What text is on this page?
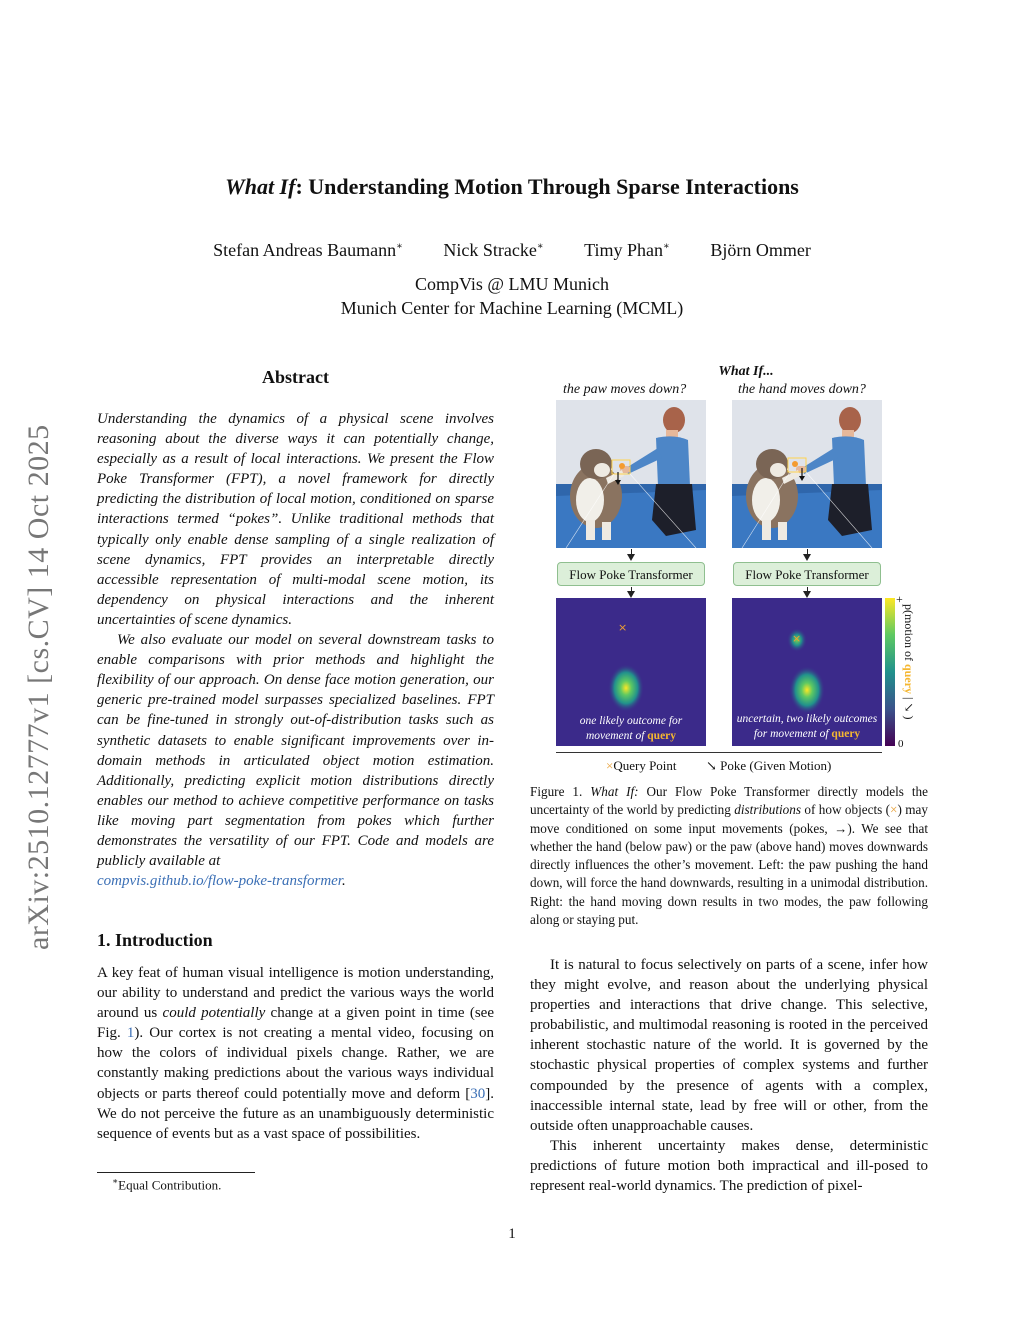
What If: Understanding Motion Through Sparse Interactions
Stefan Andreas Baumann∗ Nick Stracke∗ Timy Phan∗ Björn Ommer
CompVis @ LMU Munich
Munich Center for Machine Learning (MCML)
arXiv:2510.12777v1 [cs.CV] 14 Oct 2025
Abstract

Understanding the dynamics of a physical scene involves reasoning about the diverse ways it can potentially change, especially as a result of local interactions. We present the Flow Poke Transformer (FPT), a novel framework for directly predicting the distribution of local motion, conditioned on sparse interactions termed “pokes”. Unlike traditional methods that typically only enable dense sampling of a single realization of scene dynamics, FPT provides an interpretable directly accessible representation of multi-modal scene motion, its dependency on physical interactions and the inherent uncertainties of scene dynamics.

We also evaluate our model on several downstream tasks to enable comparisons with prior methods and highlight the flexibility of our approach. On dense face motion generation, our generic pre-trained model surpasses specialized baselines. FPT can be fine-tuned in strongly out-of-distribution tasks such as synthetic datasets to enable significant improvements over in-domain methods in articulated object motion estimation. Additionally, predicting explicit motion distributions directly enables our method to achieve competitive performance on tasks like moving part segmentation from pokes which further demonstrates the versatility of our FPT. Code and models are publicly available at
compvis.github.io/flow-poke-transformer.

1. Introduction

A key feat of human visual intelligence is motion understanding, our ability to understand and predict the various ways the world around us could potentially change at a given point in time (see Fig. 1). Our cortex is not creating a mental video, focusing on how the colors of individual pixels change. Rather, we are constantly making predictions about the various ways individual objects or parts thereof could potentially move and deform [30]. We do not perceive the future as an unambiguously deterministic sequence of events but as a vast space of possibilities.

∗Equal Contribution.
What If...
the paw moves down?	the hand moves down?
Flow Poke Transformer	Flow Poke Transformer
×
one likely outcome for
movement of query
×
uncertain, two likely outcomes
for movement of query
+
p(motion of query | ↘ )
0
×Query Point ↘ Poke (Given Motion)
Figure 1. What If: Our Flow Poke Transformer directly models the uncertainty of the world by predicting distributions of how objects (×) may move conditioned on some input movements (pokes, →). We see that whether the hand (below paw) or the paw (above hand) moves downwards directly influences the other’s movement. Left: the paw pushing the hand down, will force the hand downwards, resulting in a unimodal distribution. Right: the hand moving down results in two modes, the paw following along or staying put.

It is natural to focus selectively on parts of a scene, infer how they might evolve, and reason about the underlying physical properties and interactions that drive change. This selective, probabilistic, and multimodal reasoning is rooted in the perceived inherent stochastic nature of the world. It is governed by the stochastic physical properties of complex systems and further compounded by the presence of agents with a complex, inaccessible internal state, lead by free will or other, from the outside often unapproachable causes.

This inherent uncertainty makes dense, deterministic predictions of future motion both impractical and ill-posed to represent real-world dynamics. The prediction of pixel-

1
